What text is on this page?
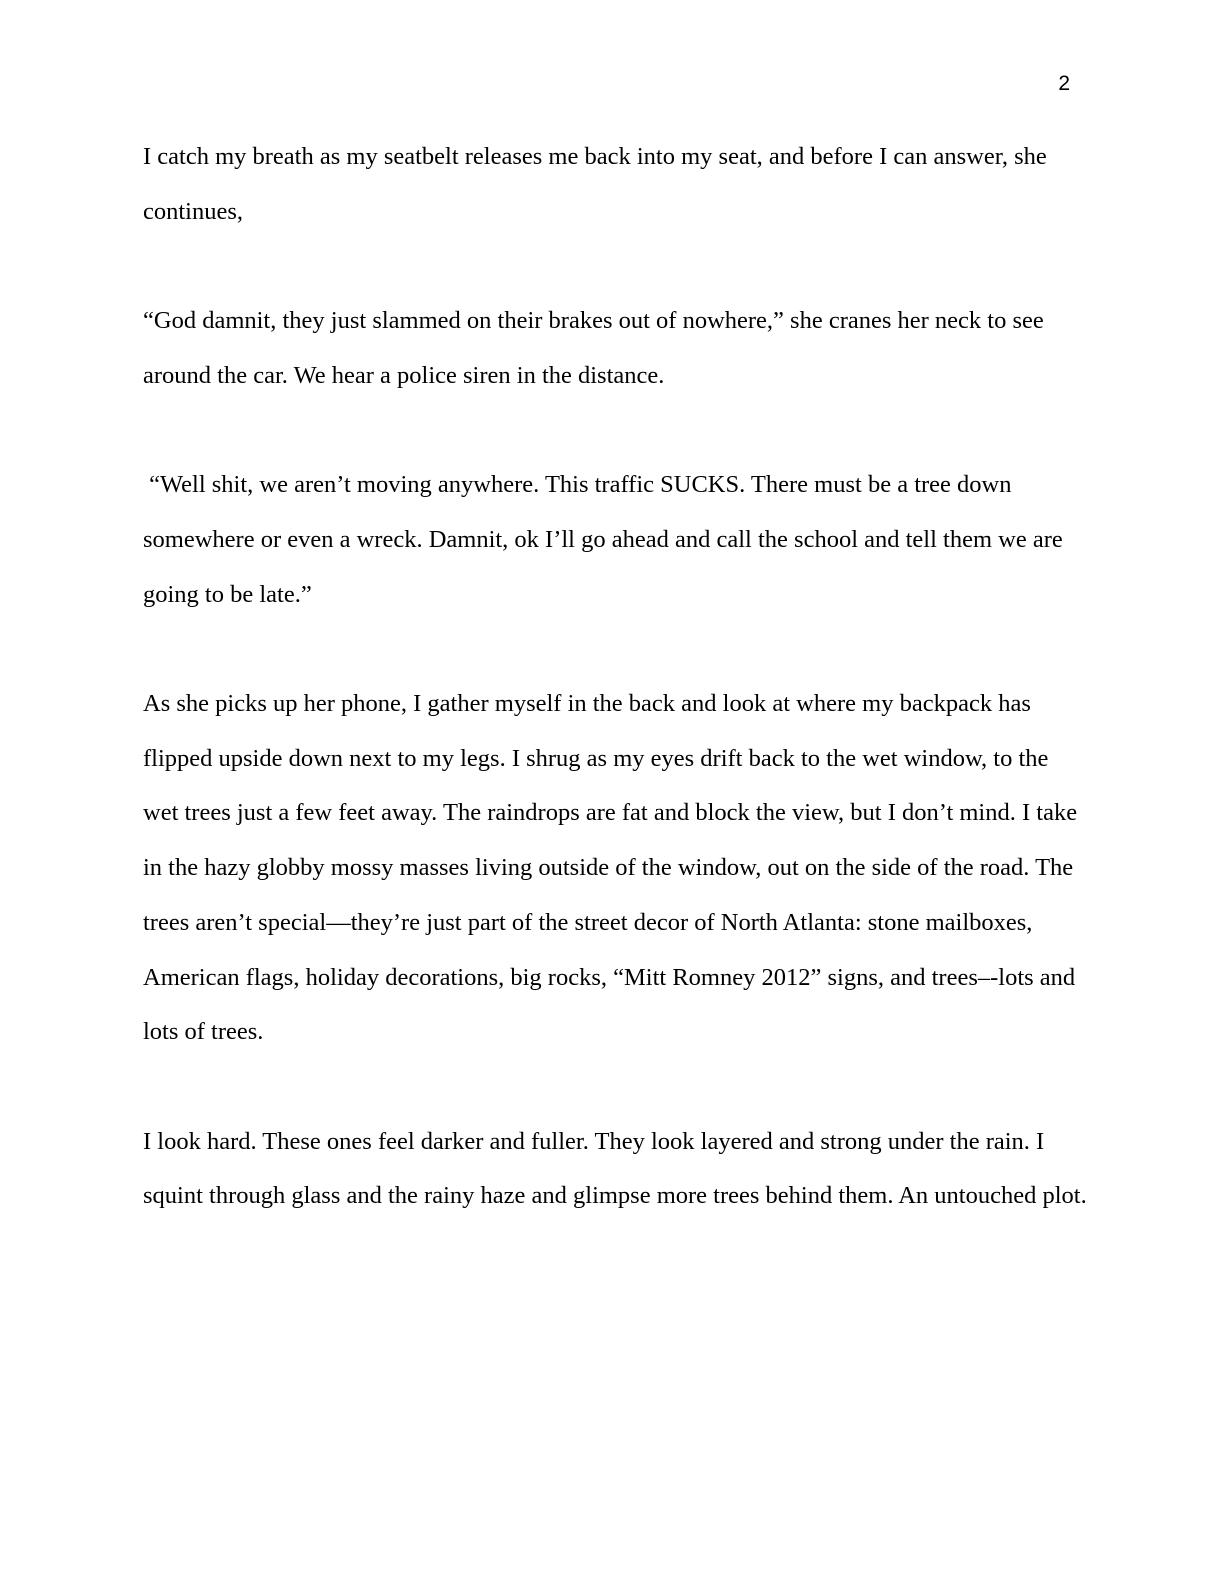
2

I catch my breath as my seatbelt releases me back into my seat, and before I can answer, she continues,

“God damnit, they just slammed on their brakes out of nowhere,” she cranes her neck to see around the car. We hear a police siren in the distance.

“Well shit, we aren’t moving anywhere. This traffic SUCKS. There must be a tree down somewhere or even a wreck. Damnit, ok I’ll go ahead and call the school and tell them we are going to be late.”

As she picks up her phone, I gather myself in the back and look at where my backpack has flipped upside down next to my legs. I shrug as my eyes drift back to the wet window, to the wet trees just a few feet away. The raindrops are fat and block the view, but I don’t mind. I take in the hazy globby mossy masses living outside of the window, out on the side of the road. The trees aren’t special—they’re just part of the street decor of North Atlanta: stone mailboxes, American flags, holiday decorations, big rocks, “Mitt Romney 2012” signs, and trees–-lots and lots of trees.

I look hard. These ones feel darker and fuller. They look layered and strong under the rain. I squint through glass and the rainy haze and glimpse more trees behind them. An untouched plot.
